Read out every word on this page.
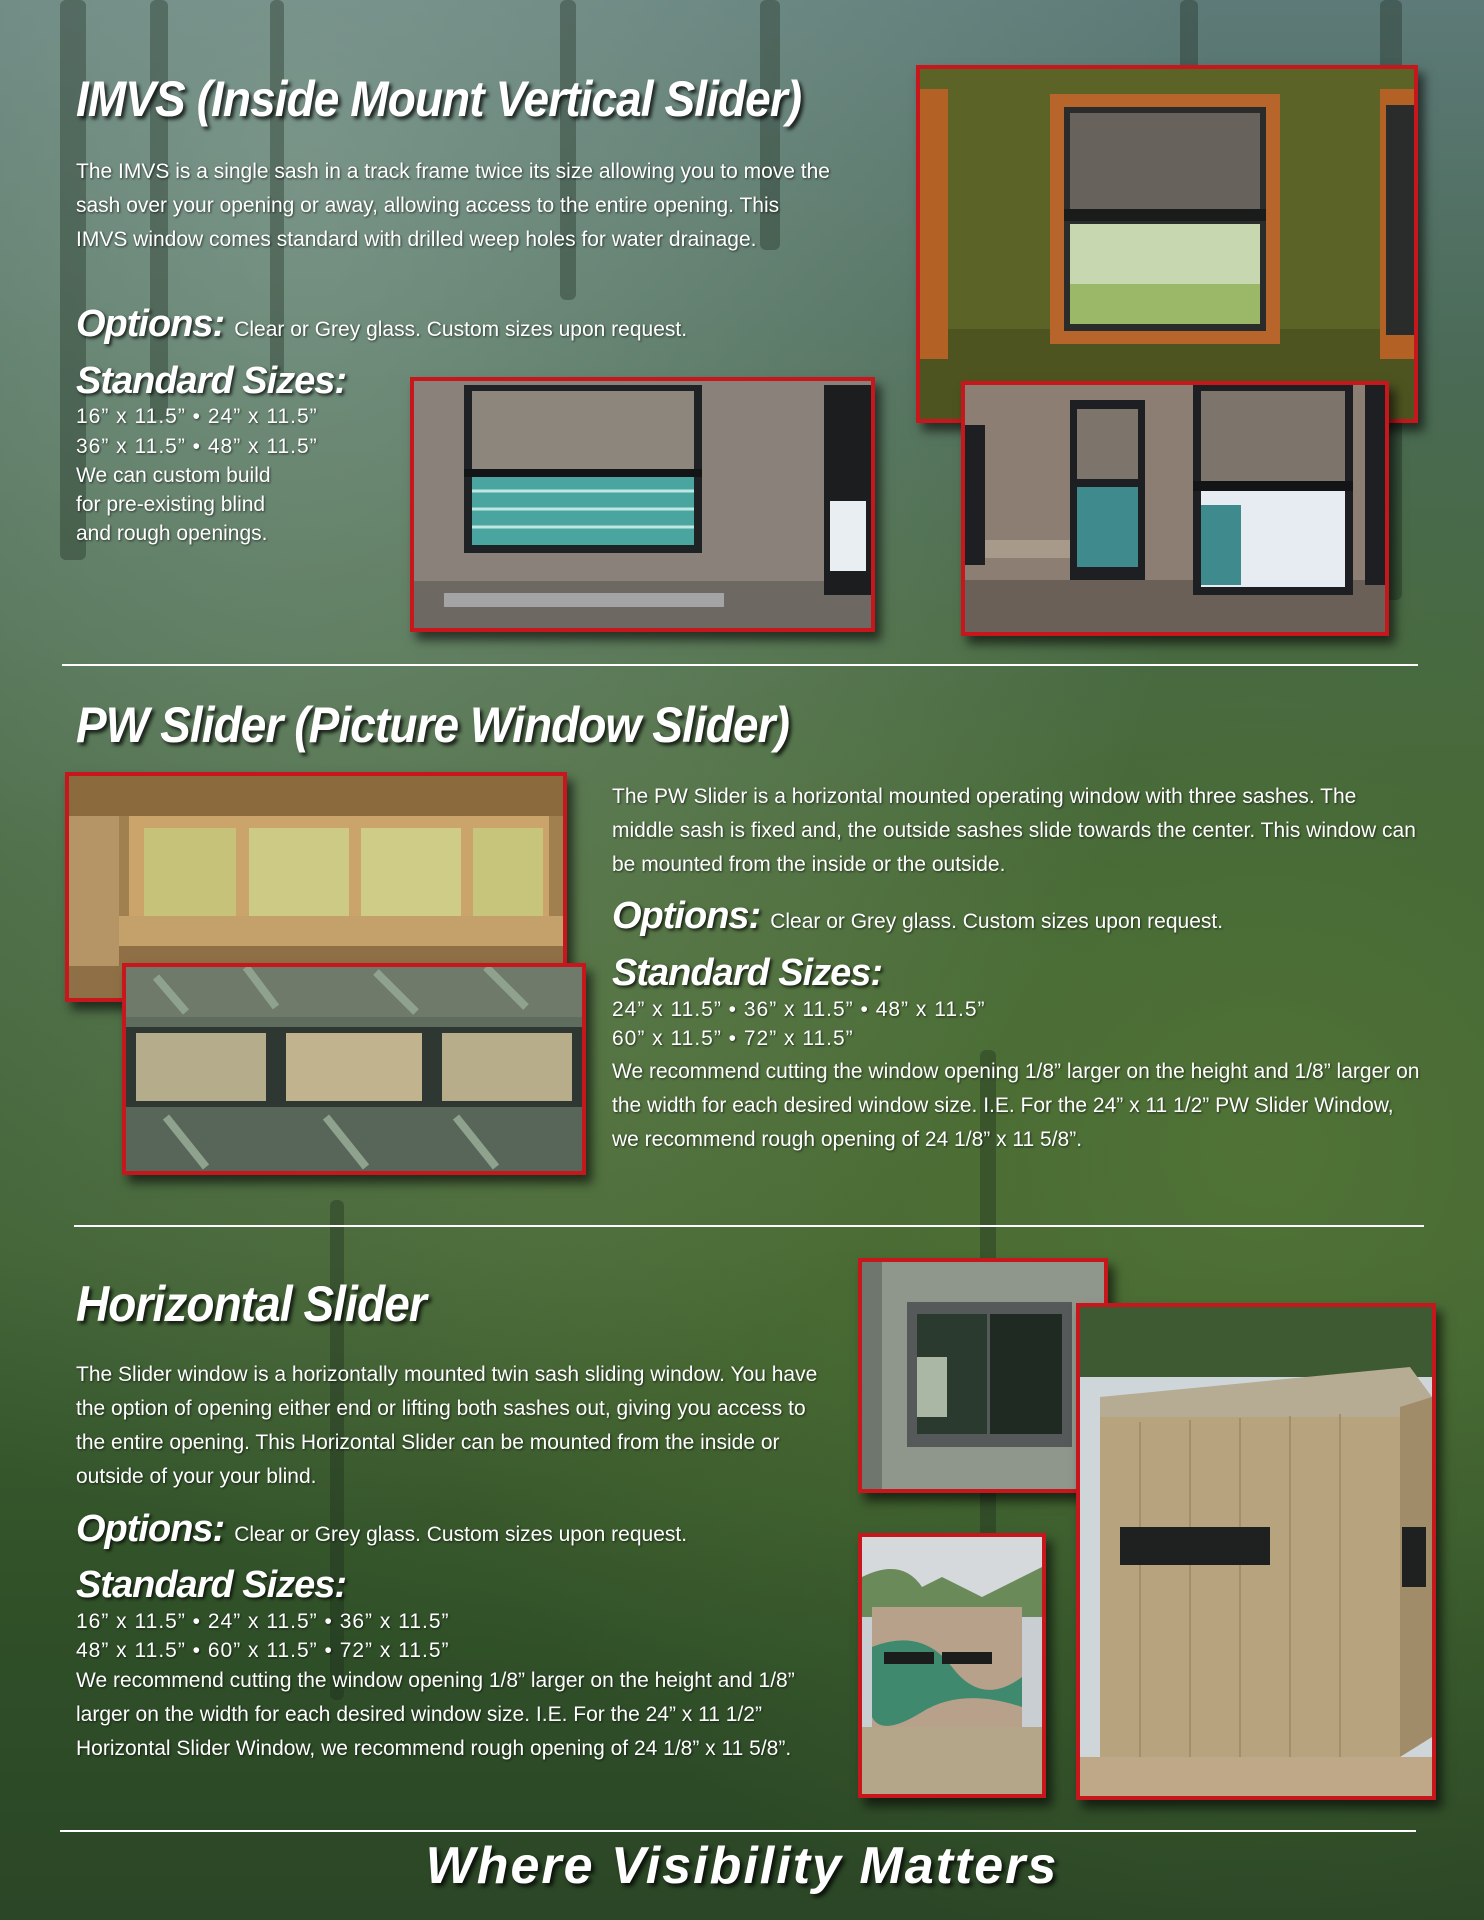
IMVS (Inside Mount Vertical Slider)

The IMVS is a single sash in a track frame twice its size allowing you to move the sash over your opening or away, allowing access to the entire opening. This IMVS window comes standard with drilled weep holes for water drainage.

Options: Clear or Grey glass. Custom sizes upon request.
Standard Sizes:
16” x 11.5” • 24” x 11.5”
36” x 11.5” • 48” x 11.5”
We can custom build
for pre-existing blind
and rough openings.
PW Slider (Picture Window Slider)

The PW Slider is a horizontal mounted operating window with three sashes. The middle sash is fixed and, the outside sashes slide towards the center. This window can be mounted from the inside or the outside.

Options: Clear or Grey glass. Custom sizes upon request.
Standard Sizes:
24” x 11.5” • 36” x 11.5” • 48” x 11.5”
60” x 11.5” • 72” x 11.5”

We recommend cutting the window opening 1/8” larger on the height and 1/8” larger on the width for each desired window size. I.E. For the 24” x 11 1/2” PW Slider Window, we recommend rough opening of 24 1/8” x 11 5/8”.

Horizontal Slider

The Slider window is a horizontally mounted twin sash sliding window. You have the option of opening either end or lifting both sashes out, giving you access to the entire opening. This Horizontal Slider can be mounted from the inside or outside of your your blind.

Options: Clear or Grey glass. Custom sizes upon request.
Standard Sizes:
16” x 11.5” • 24” x 11.5” • 36” x 11.5”
48” x 11.5” • 60” x 11.5” • 72” x 11.5”

We recommend cutting the window opening 1/8” larger on the height and 1/8” larger on the width for each desired window size. I.E. For the 24” x 11 1/2” Horizontal Slider Window, we recommend rough opening of 24 1/8” x 11 5/8”.

Where Visibility Matters
